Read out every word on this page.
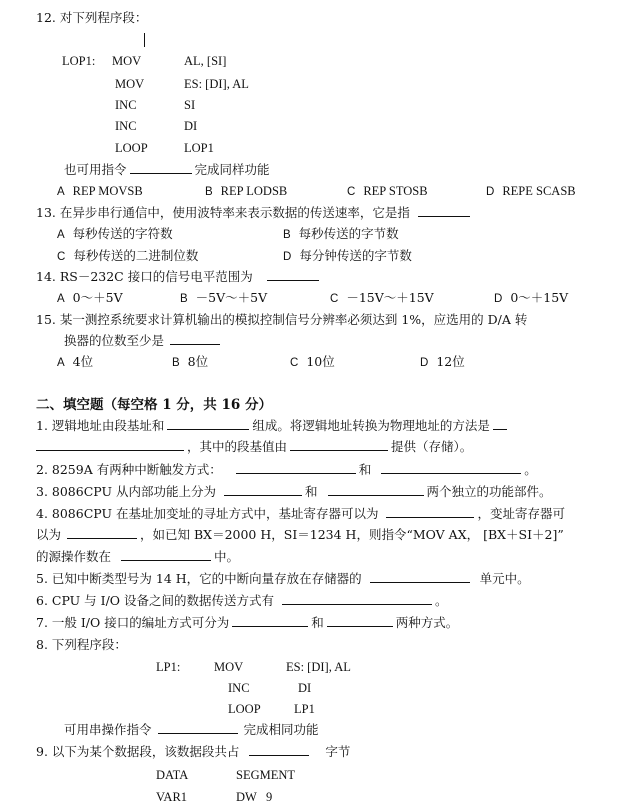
12. 对下列程序段：
LOP1: MOV	AL, [SI]
MOV	ES: [DI], AL
INC	SI
INC	DI
LOOP	LOP1
也可用指令	完成同样功能
A REP MOVSB	B REP LODSB	C REP STOSB	D REPE SCASB
13. 在异步串行通信中，使用波特率来表示数据的传送速率，它是指
A 每秒传送的字符数	B 每秒传送的字节数
C 每秒传送的二进制位数	D 每分钟传送的字节数
14. RS－232C 接口的信号电平范围为
A 0～＋5V	B －5V～＋5V	C －15V～＋15V	D 0～＋15V
15. 某一测控系统要求计算机输出的模拟控制信号分辨率必须达到 1%，应选用的 D/A 转
换器的位数至少是
A 4位	B 8位	C 10位	D 12位
二、填空题（每空格 1 分，共 16 分）
1. 逻辑地址由段基址和	组成。将逻辑地址转换为物理地址的方法是
，其中的段基值由	提供（存储）。
2. 8259A 有两种中断触发方式：	和	。
3. 8086CPU 从内部功能上分为	和	两个独立的功能部件。
4. 8086CPU 在基址加变址的寻址方式中，基址寄存器可以为	，变址寄存器可
以为	，如已知 BX＝2000 H，SI＝1234 H，则指令“MOV AX， [BX＋SI＋2]”
的源操作数在	中。
5. 已知中断类型号为 14 H，它的中断向量存放在存储器的	单元中。
6. CPU 与 I/O 设备之间的数据传送方式有	。
7. 一般 I/O 接口的编址方式可分为	和	两种方式。
8. 下列程序段：
LP1:	MOV	ES: [DI], AL
INC	DI
LOOP	LP1
可用串操作指令	完成相同功能
9. 以下为某个数据段，该数据段共占	字节
DATA	SEGMENT
VAR1	DW 9
